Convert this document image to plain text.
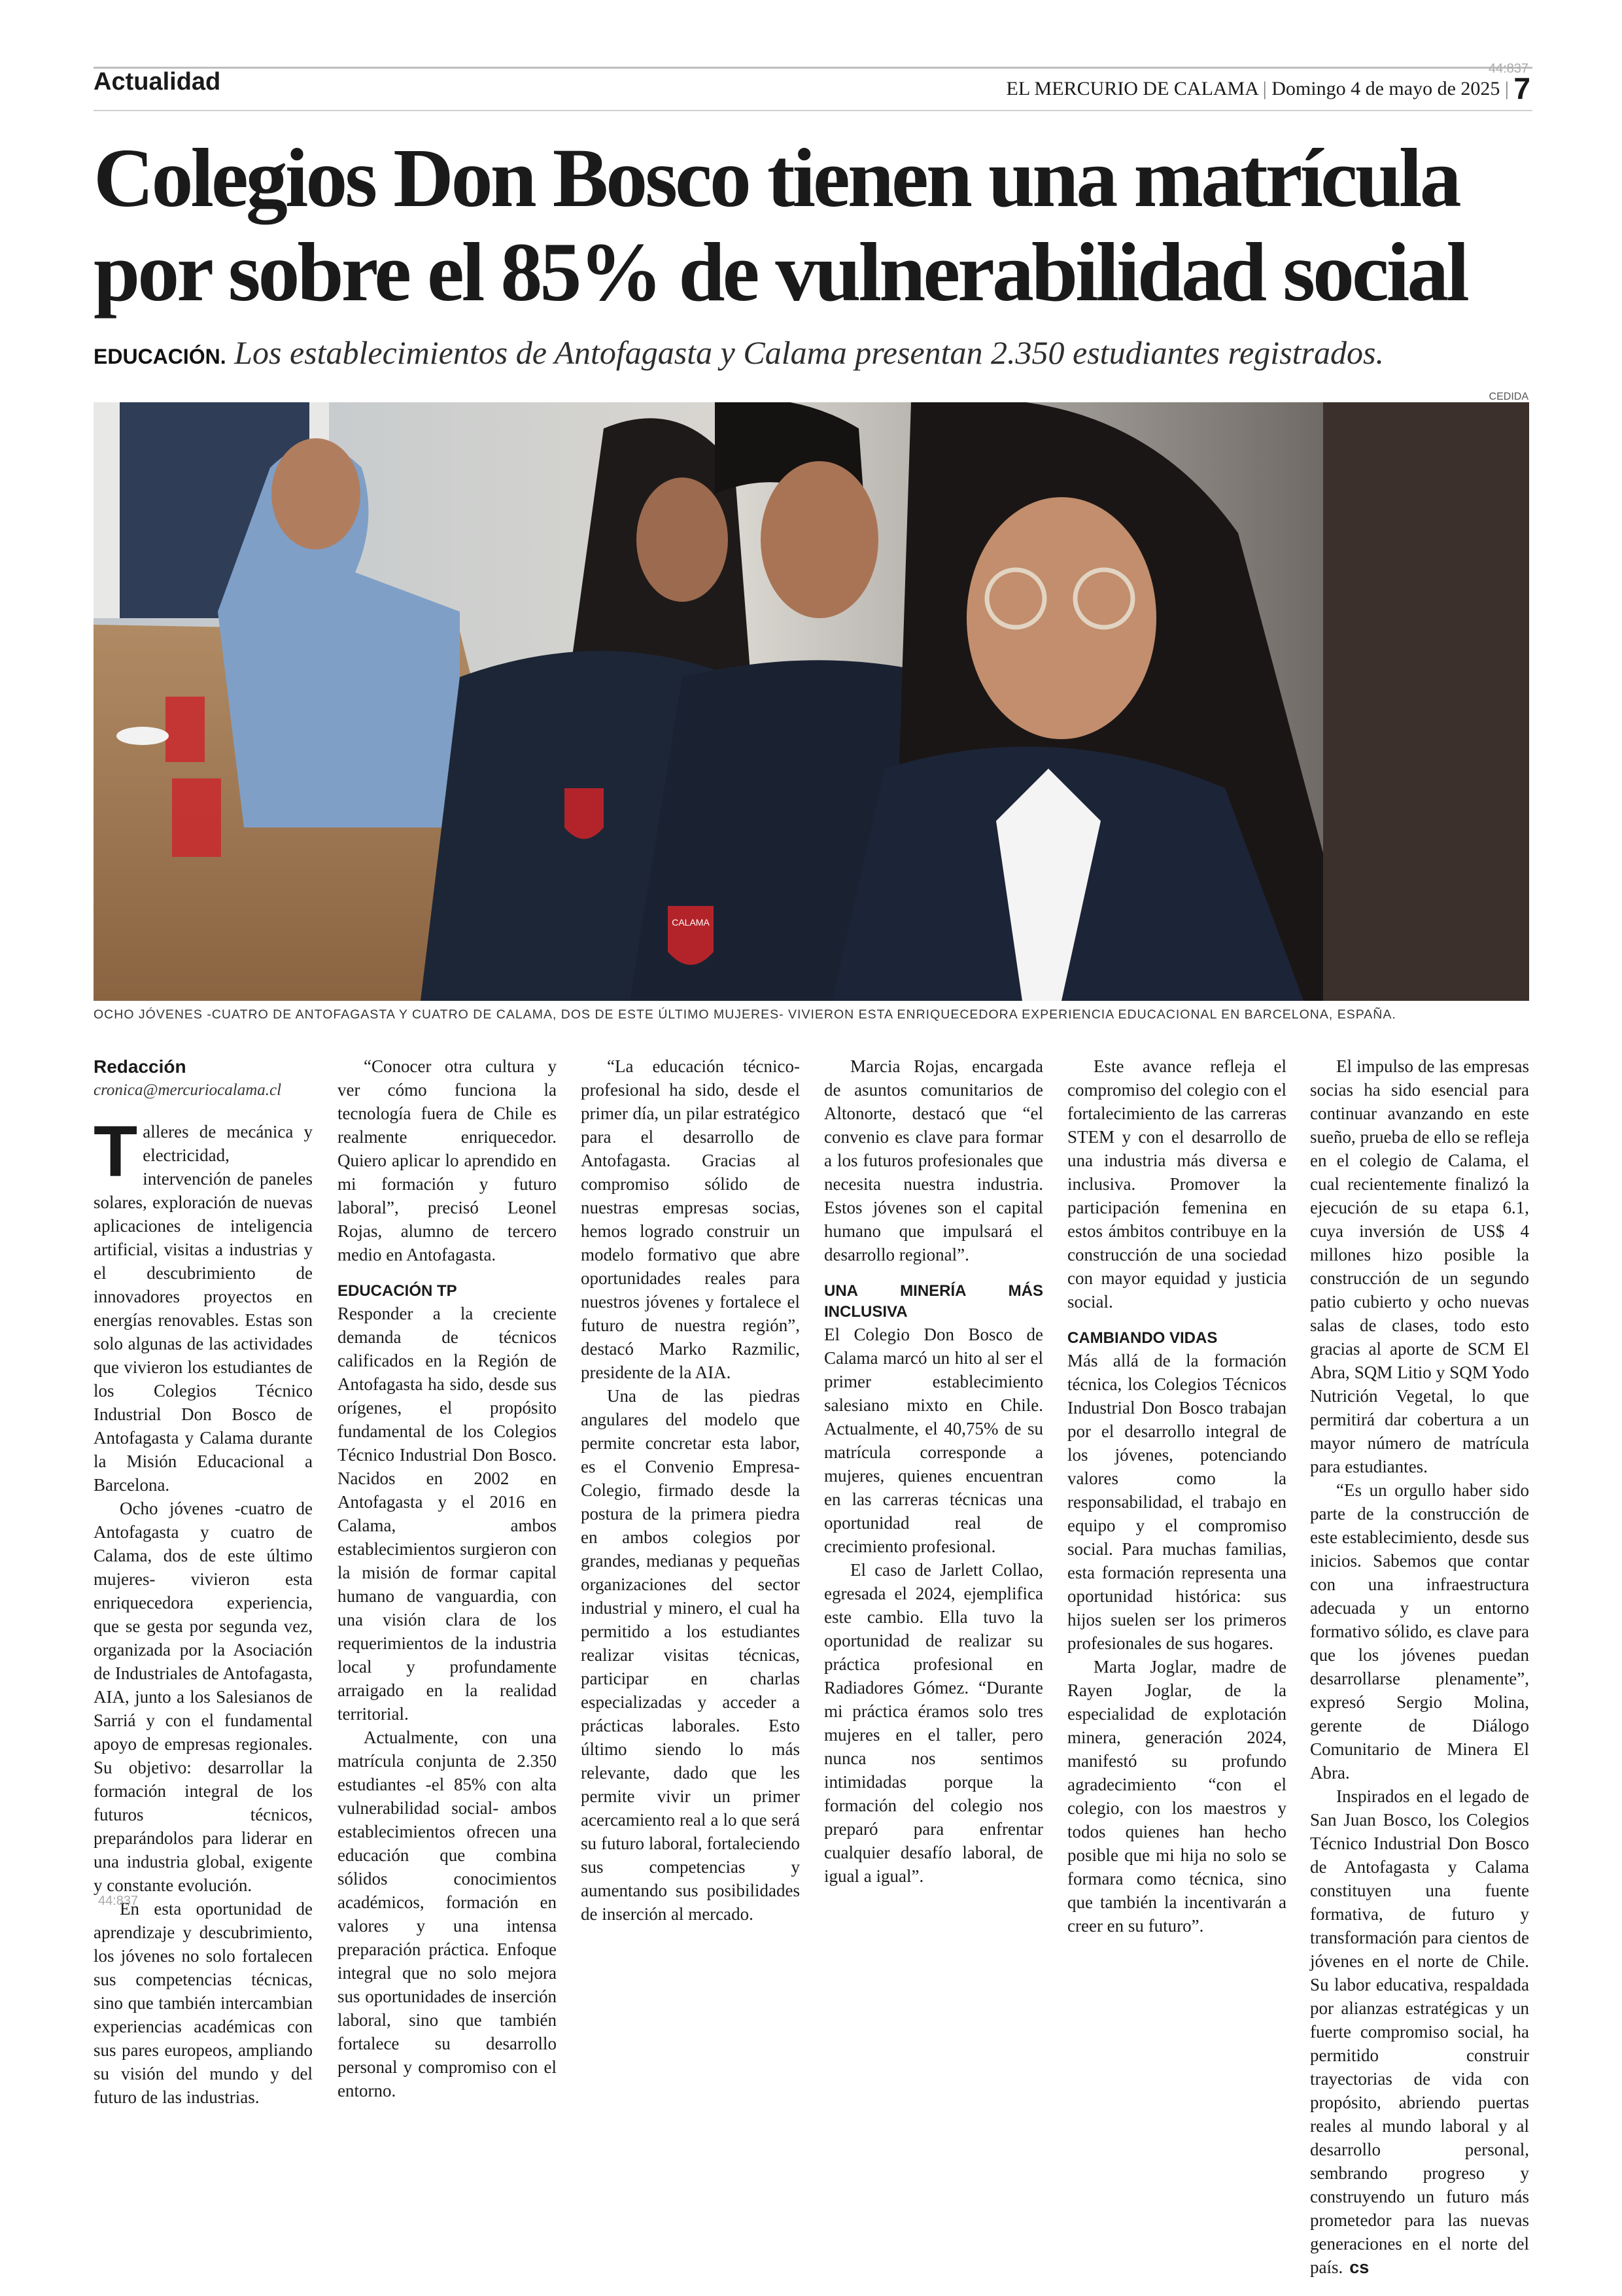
Actualidad	44:837
EL MERCURIO DE CALAMA | Domingo 4 de mayo de 2025 | 7
Colegios Don Bosco tienen una matrícula
por sobre el 85% de vulnerabilidad social
EDUCACIÓN. Los establecimientos de Antofagasta y Calama presentan 2.350 estudiantes registrados.
CEDIDA
CALAMA
OCHO JÓVENES -CUATRO DE ANTOFAGASTA Y CUATRO DE CALAMA, DOS DE ESTE ÚLTIMO MUJERES- VIVIERON ESTA ENRIQUECEDORA EXPERIENCIA EDUCACIONAL EN BARCELONA, ESPAÑA.
Redacción
cronica@mercuriocalama.cl

Talleres de mecánica y electricidad, intervención de paneles solares, exploración de nuevas aplicaciones de inteligencia artificial, visitas a industrias y el descubrimiento de innovadores proyectos en energías renovables. Estas son solo algunas de las actividades que vivieron los estudiantes de los Colegios Técnico Industrial Don Bosco de Antofagasta y Calama durante la Misión Educacional a Barcelona.

Ocho jóvenes -cuatro de Antofagasta y cuatro de Calama, dos de este último mujeres- vivieron esta enriquecedora experiencia, que se gesta por segunda vez, organizada por la Asociación de Industriales de Antofagasta, AIA, junto a los Salesianos de Sarriá y con el fundamental apoyo de empresas regionales. Su objetivo: desarrollar la formación integral de los futuros técnicos, preparándolos para liderar en una industria global, exigente y constante evolución.

En esta oportunidad de aprendizaje y descubrimiento, los jóvenes no solo fortalecen sus competencias técnicas, sino que también intercambian experiencias académicas con sus pares europeos, ampliando su visión del mundo y del futuro de las industrias.

“Conocer otra cultura y ver cómo funciona la tecnología fuera de Chile es realmente enriquecedor. Quiero aplicar lo aprendido en mi formación y futuro laboral”, precisó Leonel Rojas, alumno de tercero medio en Antofagasta.

EDUCACIÓN TP

Responder a la creciente demanda de técnicos calificados en la Región de Antofagasta ha sido, desde sus orígenes, el propósito fundamental de los Colegios Técnico Industrial Don Bosco. Nacidos en 2002 en Antofagasta y el 2016 en Calama, ambos establecimientos surgieron con la misión de formar capital humano de vanguardia, con una visión clara de los requerimientos de la industria local y profundamente arraigado en la realidad territorial.

Actualmente, con una matrícula conjunta de 2.350 estudiantes -el 85% con alta vulnerabilidad social- ambos establecimientos ofrecen una educación que combina sólidos conocimientos académicos, formación en valores y una intensa preparación práctica. Enfoque integral que no solo mejora sus oportunidades de inserción laboral, sino que también fortalece su desarrollo personal y compromiso con el entorno.

“La educación técnico-profesional ha sido, desde el primer día, un pilar estratégico para el desarrollo de Antofagasta. Gracias al compromiso sólido de nuestras empresas socias, hemos logrado construir un modelo formativo que abre oportunidades reales para nuestros jóvenes y fortalece el futuro de nuestra región”, destacó Marko Razmilic, presidente de la AIA.

Una de las piedras angulares del modelo que permite concretar esta labor, es el Convenio Empresa-Colegio, firmado desde la postura de la primera piedra en ambos colegios por grandes, medianas y pequeñas organizaciones del sector industrial y minero, el cual ha permitido a los estudiantes realizar visitas técnicas, participar en charlas especializadas y acceder a prácticas laborales. Esto último siendo lo más relevante, dado que les permite vivir un primer acercamiento real a lo que será su futuro laboral, fortaleciendo sus competencias y aumentando sus posibilidades de inserción al mercado.

Marcia Rojas, encargada de asuntos comunitarios de Altonorte, destacó que “el convenio es clave para formar a los futuros profesionales que necesita nuestra industria. Estos jóvenes son el capital humano que impulsará el desarrollo regional”.

UNA MINERÍA MÁS INCLUSIVA

El Colegio Don Bosco de Calama marcó un hito al ser el primer establecimiento salesiano mixto en Chile. Actualmente, el 40,75% de su matrícula corresponde a mujeres, quienes encuentran en las carreras técnicas una oportunidad real de crecimiento profesional.

El caso de Jarlett Collao, egresada el 2024, ejemplifica este cambio. Ella tuvo la oportunidad de realizar su práctica profesional en Radiadores Gómez. “Durante mi práctica éramos solo tres mujeres en el taller, pero nunca nos sentimos intimidadas porque la formación del colegio nos preparó para enfrentar cualquier desafío laboral, de igual a igual”.

Este avance refleja el compromiso del colegio con el fortalecimiento de las carreras STEM y con el desarrollo de una industria más diversa e inclusiva. Promover la participación femenina en estos ámbitos contribuye en la construcción de una sociedad con mayor equidad y justicia social.

CAMBIANDO VIDAS

Más allá de la formación técnica, los Colegios Técnicos Industrial Don Bosco trabajan por el desarrollo integral de los jóvenes, potenciando valores como la responsabilidad, el trabajo en equipo y el compromiso social. Para muchas familias, esta formación representa una oportunidad histórica: sus hijos suelen ser los primeros profesionales de sus hogares.

Marta Joglar, madre de Rayen Joglar, de la especialidad de explotación minera, generación 2024, manifestó su profundo agradecimiento “con el colegio, con los maestros y todos quienes han hecho posible que mi hija no solo se formara como técnica, sino que también la incentivarán a creer en su futuro”.

El impulso de las empresas socias ha sido esencial para continuar avanzando en este sueño, prueba de ello se refleja en el colegio de Calama, el cual recientemente finalizó la ejecución de su etapa 6.1, cuya inversión de US$ 4 millones hizo posible la construcción de un segundo patio cubierto y ocho nuevas salas de clases, todo esto gracias al aporte de SCM El Abra, SQM Litio y SQM Yodo Nutrición Vegetal, lo que permitirá dar cobertura a un mayor número de matrícula para estudiantes.

“Es un orgullo haber sido parte de la construcción de este establecimiento, desde sus inicios. Sabemos que contar con una infraestructura adecuada y un entorno formativo sólido, es clave para que los jóvenes puedan desarrollarse plenamente”, expresó Sergio Molina, gerente de Diálogo Comunitario de Minera El Abra.

Inspirados en el legado de San Juan Bosco, los Colegios Técnico Industrial Don Bosco de Antofagasta y Calama constituyen una fuente formativa, de futuro y transformación para cientos de jóvenes en el norte de Chile. Su labor educativa, respaldada por alianzas estratégicas y un fuerte compromiso social, ha permitido construir trayectorias de vida con propósito, abriendo puertas reales al mundo laboral y al desarrollo personal, sembrando progreso y construyendo un futuro más prometedor para las nuevas generaciones en el norte del país. cs

44:837
